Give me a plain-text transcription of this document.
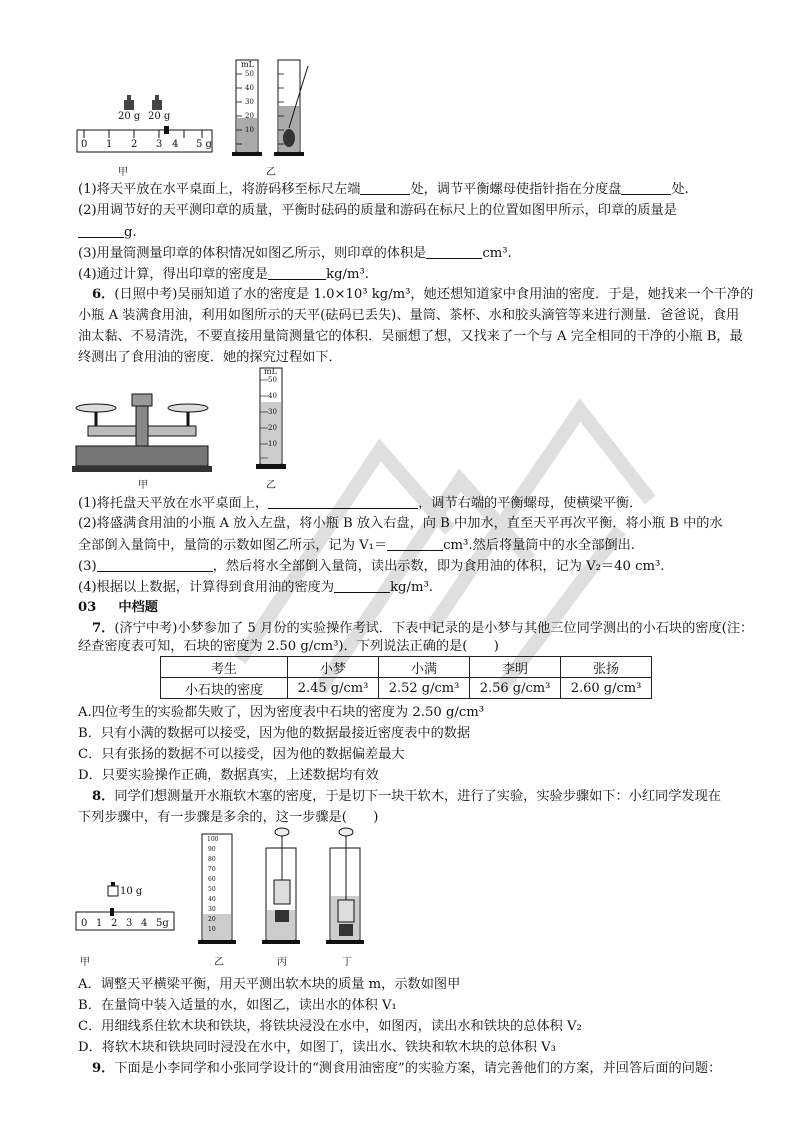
20 g 20 g
0 1 2 3 4 5 g
mL
50
40
30
20
10
甲	乙
(1)将天平放在水平桌面上，将游码移至标尺左端	处，调节平衡螺母使指针指在分度盘	处.
(2)用调节好的天平测印章的质量，平衡时砝码的质量和游码在标尺上的位置如图甲所示，印章的质量是
g.
(3)用量筒测量印章的体积情况如图乙所示，则印章的体积是	cm³.
(4)通过计算，得出印章的密度是	kg/m³.
6．(日照中考)吴丽知道了水的密度是 1.0×10³ kg/m³，她还想知道家中食用油的密度．于是，她找来一个干净的
小瓶 A 装满食用油，利用如图所示的天平(砝码已丢失)、量筒、茶杯、水和胶头滴管等来进行测量．爸爸说，食用
油太黏、不易清洗，不要直接用量筒测量它的体积．吴丽想了想，又找来了一个与 A 完全相同的干净的小瓶 B，最
终测出了食用油的密度．她的探究过程如下．
mL
50
40
30
20
10
甲	乙
(1)将托盘天平放在水平桌面上，	，调节右端的平衡螺母，使横梁平衡．
(2)将盛满食用油的小瓶 A 放入左盘，将小瓶 B 放入右盘，向 B 中加水，直至天平再次平衡．将小瓶 B 中的水
全部倒入量筒中，量筒的示数如图乙所示，记为 V₁＝	cm³.然后将量筒中的水全部倒出.
(3)	，然后将水全部倒入量筒，读出示数，即为食用油的体积，记为 V₂＝40 cm³.
(4)根据以上数据，计算得到食用油的密度为	kg/m³.
03 中档题
7．(济宁中考)小梦参加了 5 月份的实验操作考试．下表中记录的是小梦与其他三位同学测出的小石块的密度(注：
经查密度表可知，石块的密度为 2.50 g/cm³)．下列说法正确的是(　　)
考生	小梦	小满	李明	张扬
小石块的密度	2.45 g/cm³	2.52 g/cm³	2.56 g/cm³	2.60 g/cm³
A.四位考生的实验都失败了，因为密度表中石块的密度为 2.50 g/cm³
B．只有小满的数据可以接受，因为他的数据最接近密度表中的数据
C．只有张扬的数据不可以接受，因为他的数据偏差最大
D．只要实验操作正确，数据真实，上述数据均有效
8．同学们想测量开水瓶软木塞的密度，于是切下一块干软木，进行了实验，实验步骤如下：小红同学发现在
下列步骤中，有一步骤是多余的，这一步骤是(　　)
10 g
0 1 2 3 4 5g
100
90
80
70
60
50
40
30
20
10
甲	乙	丙	丁
A．调整天平横梁平衡，用天平测出软木块的质量 m，示数如图甲
B．在量筒中装入适量的水，如图乙，读出水的体积 V₁
C．用细线系住软木块和铁块，将铁块浸没在水中，如图丙，读出水和铁块的总体积 V₂
D．将软木块和铁块同时浸没在水中，如图丁，读出水、铁块和软木块的总体积 V₃
9．下面是小李同学和小张同学设计的“测食用油密度”的实验方案，请完善他们的方案，并回答后面的问题：
